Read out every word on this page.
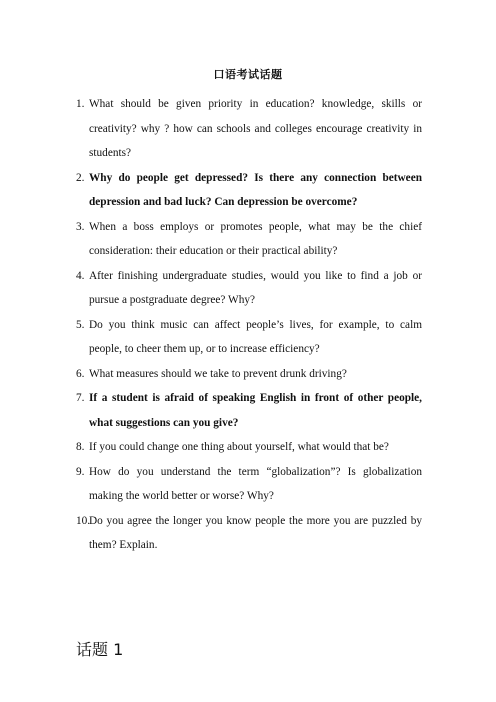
口语考试话题
1. What should be given priority in education? knowledge, skills or creativity? why ? how can schools and colleges encourage creativity in students?
2. Why do people get depressed? Is there any connection between depression and bad luck? Can depression be overcome?
3. When a boss employs or promotes people, what may be the chief consideration: their education or their practical ability?
4. After finishing undergraduate studies, would you like to find a job or pursue a postgraduate degree? Why?
5. Do you think music can affect people’s lives, for example, to calm people, to cheer them up, or to increase efficiency?
6. What measures should we take to prevent drunk driving?
7. If a student is afraid of speaking English in front of other people, what suggestions can you give?
8. If you could change one thing about yourself, what would that be?
9. How do you understand the term “globalization”? Is globalization making the world better or worse? Why?
10.
Do you agree the longer you know people the more you are puzzled by them? Explain.
话题 1
